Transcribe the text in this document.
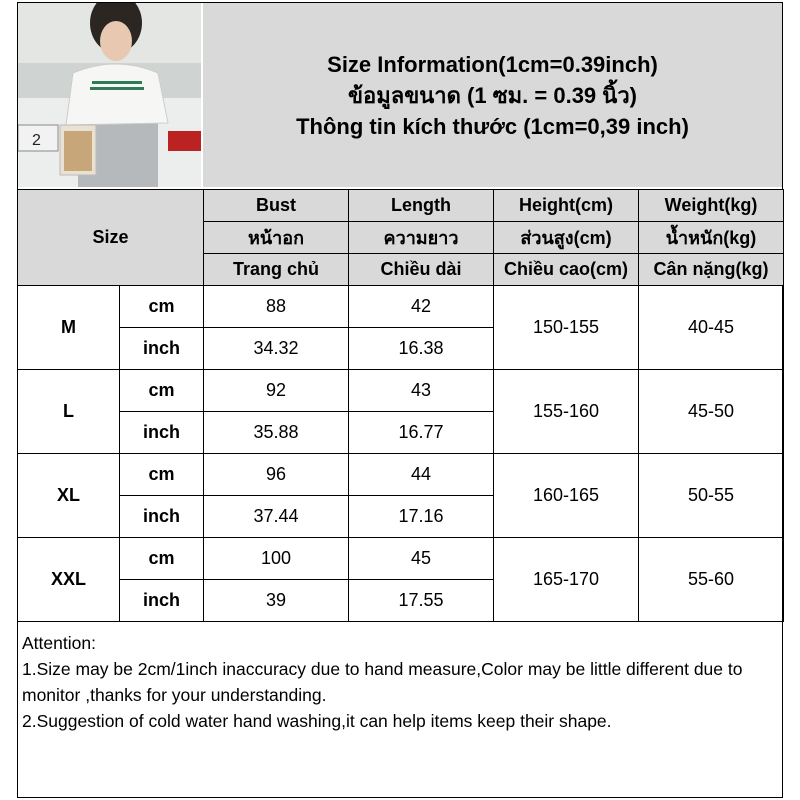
2
Size Information(1cm=0.39inch)
ข้อมูลขนาด (1 ซม. = 0.39 นิ้ว)
Thông tin kích thước (1cm=0,39 inch)
Size		Bust	Length	Height(cm)	Weight(kg)
		หน้าอก	ความยาว	ส่วนสูง(cm)	น้ำหนัก(kg)
		Trang chủ	Chiều dài	Chiều cao(cm)	Cân nặng(kg)
M	cm	88	42	150-155	40-45
	inch	34.32	16.38		
L	cm	92	43	155-160	45-50
	inch	35.88	16.77		
XL	cm	96	44	160-165	50-55
	inch	37.44	17.16		
XXL	cm	100	45	165-170	55-60
	inch	39	17.55		
Attention:
1.Size may be 2cm/1inch inaccuracy due to hand measure,Color may be little different due to monitor ,thanks for your understanding.
2.Suggestion of cold water hand washing,it can help items keep their shape.
